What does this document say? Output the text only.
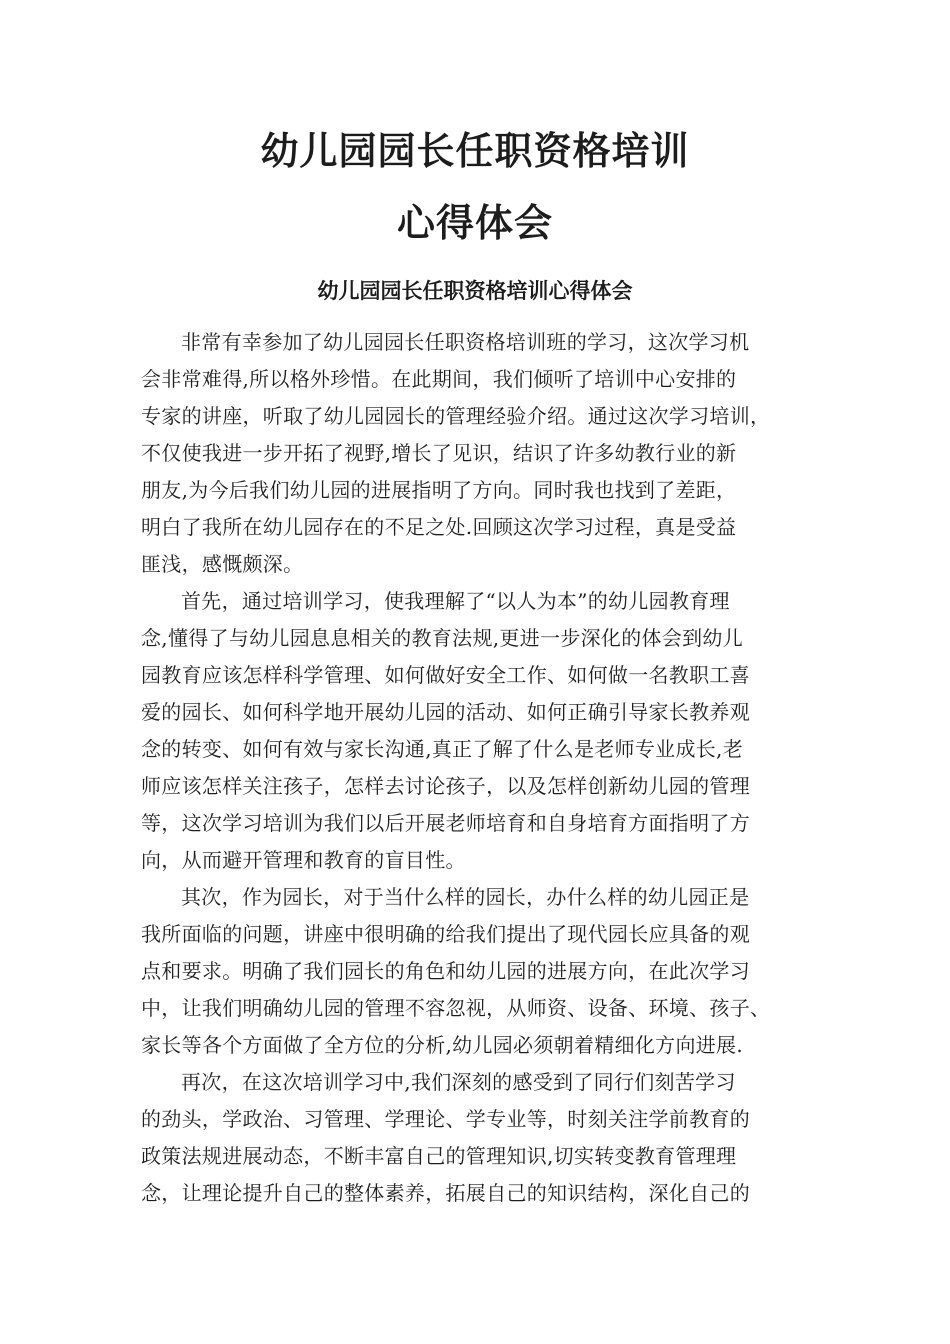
幼儿园园长任职资格培训
心得体会
幼儿园园长任职资格培训心得体会
非常有幸参加了幼儿园园长任职资格培训班的学习，这次学习机
会非常难得,所以格外珍惜。在此期间，我们倾听了培训中心安排的
专家的讲座，听取了幼儿园园长的管理经验介绍。通过这次学习培训，
不仅使我进一步开拓了视野,增长了见识，结识了许多幼教行业的新
朋友,为今后我们幼儿园的进展指明了方向。同时我也找到了差距，
明白了我所在幼儿园存在的不足之处.回顾这次学习过程，真是受益
匪浅，感慨颇深。
首先，通过培训学习，使我理解了“以人为本”的幼儿园教育理
念,懂得了与幼儿园息息相关的教育法规,更进一步深化的体会到幼儿
园教育应该怎样科学管理、如何做好安全工作、如何做一名教职工喜
爱的园长、如何科学地开展幼儿园的活动、如何正确引导家长教养观
念的转变、如何有效与家长沟通,真正了解了什么是老师专业成长,老
师应该怎样关注孩子，怎样去讨论孩子，以及怎样创新幼儿园的管理
等，这次学习培训为我们以后开展老师培育和自身培育方面指明了方
向，从而避开管理和教育的盲目性。
其次，作为园长，对于当什么样的园长，办什么样的幼儿园正是
我所面临的问题，讲座中很明确的给我们提出了现代园长应具备的观
点和要求。明确了我们园长的角色和幼儿园的进展方向，在此次学习
中，让我们明确幼儿园的管理不容忽视，从师资、设备、环境、孩子、
家长等各个方面做了全方位的分析,幼儿园必须朝着精细化方向进展.
再次，在这次培训学习中,我们深刻的感受到了同行们刻苦学习
的劲头，学政治、习管理、学理论、学专业等，时刻关注学前教育的
政策法规进展动态，不断丰富自己的管理知识,切实转变教育管理理
念，让理论提升自己的整体素养，拓展自己的知识结构，深化自己的
